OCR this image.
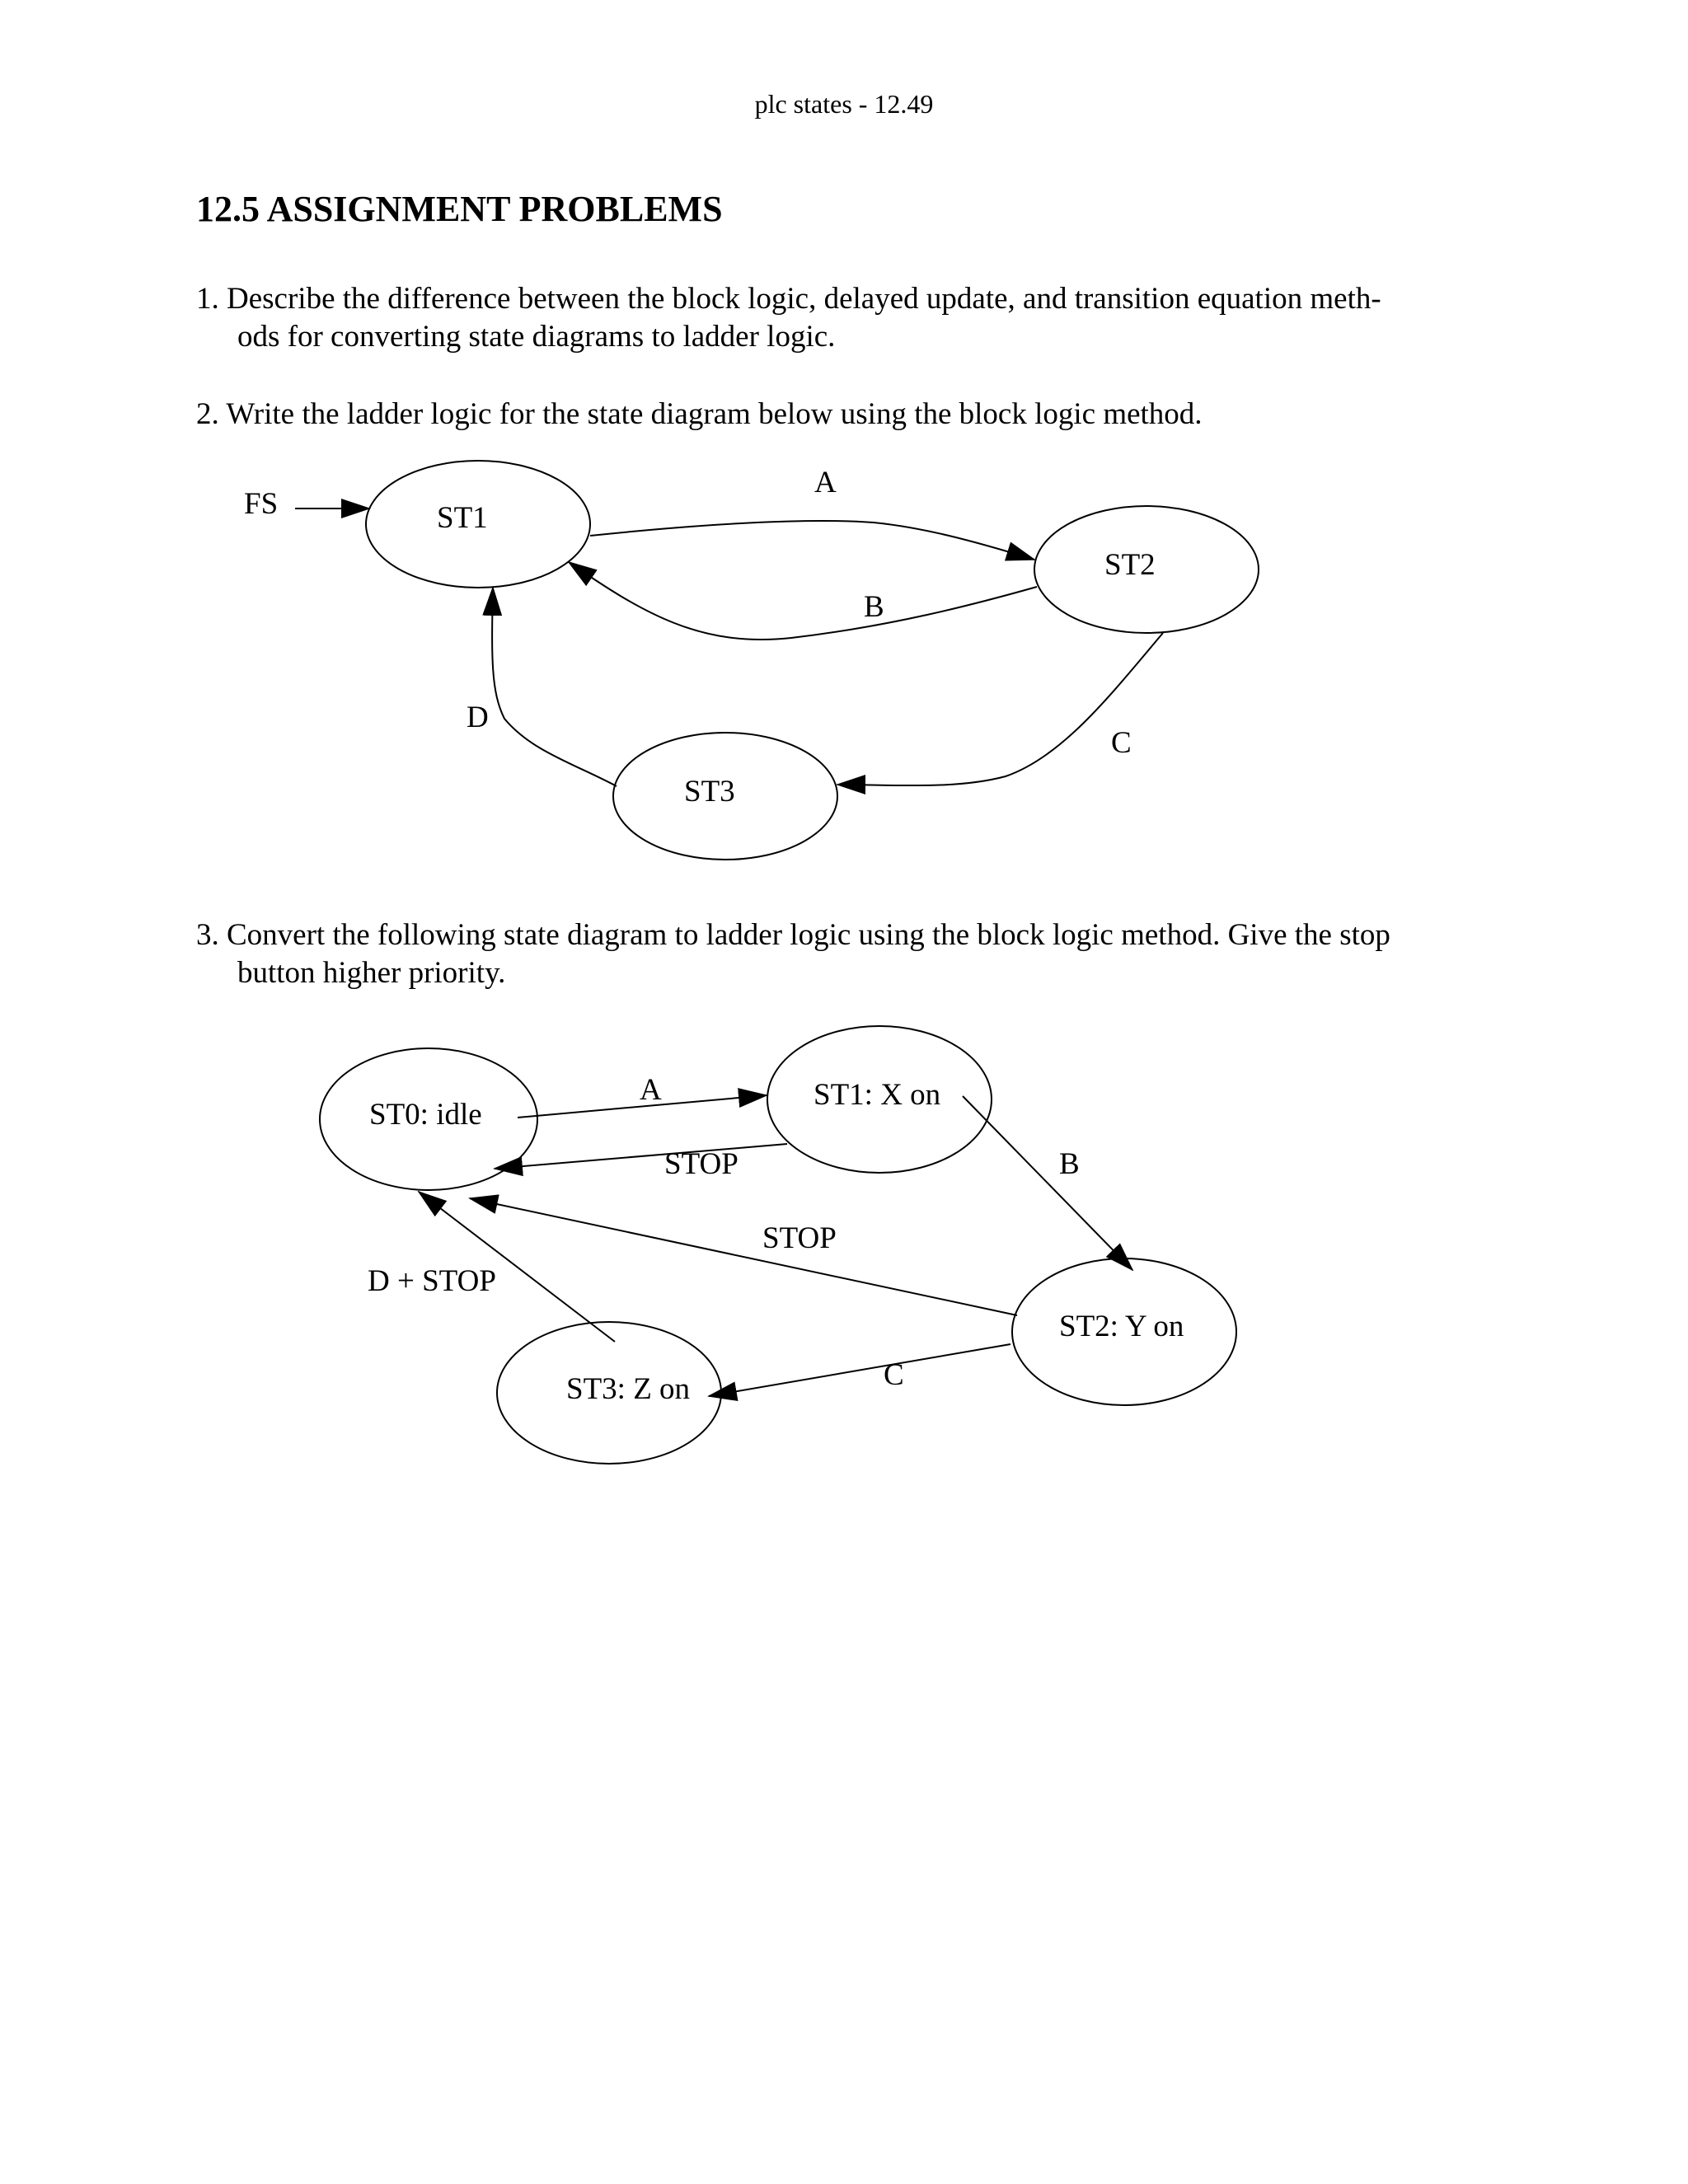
plc states - 12.49
12.5 ASSIGNMENT PROBLEMS

1. Describe the difference between the block logic, delayed update, and transition equation meth-
ods for converting state diagrams to ladder logic.

2. Write the ladder logic for the state diagram below using the block logic method.

3. Convert the following state diagram to ladder logic using the block logic method. Give the stop
button higher priority.

FS	ST1
ST2
ST3
A
B
C
D
ST0: idle
ST1: X on
ST2: Y on
ST3: Z on
A
STOP	B
STOP
C
D + STOP
